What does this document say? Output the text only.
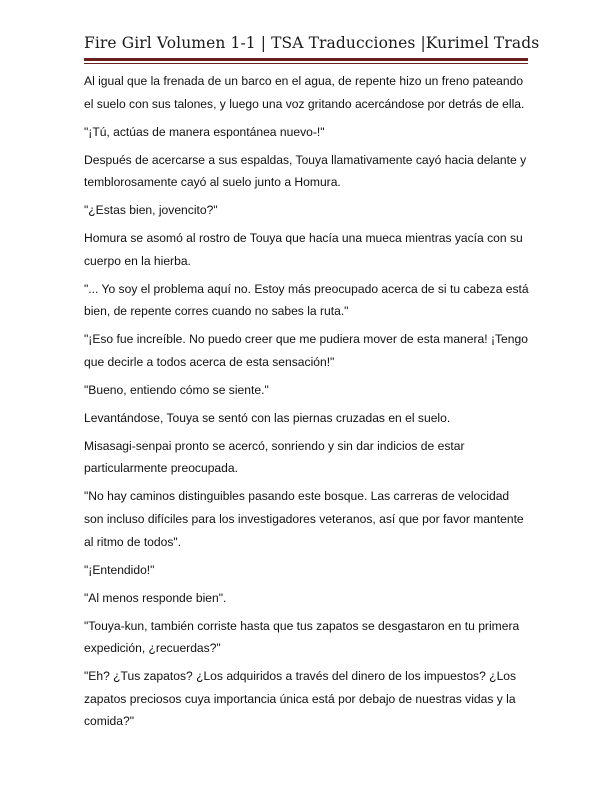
Fire Girl Volumen 1-1 | TSA Traducciones |Kurimel Trads

Al igual que la frenada de un barco en el agua, de repente hizo un freno pateando el suelo con sus talones, y luego una voz gritando acercándose por detrás de ella.

"¡Tú, actúas de manera espontánea nuevo-!"

Después de acercarse a sus espaldas, Touya llamativamente cayó hacia delante y temblorosamente cayó al suelo junto a Homura.

"¿Estas bien, jovencito?"

Homura se asomó al rostro de Touya que hacía una mueca mientras yacía con su cuerpo en la hierba.

"... Yo soy el problema aquí no. Estoy más preocupado acerca de si tu cabeza está bien, de repente corres cuando no sabes la ruta."

"¡Eso fue increíble. No puedo creer que me pudiera mover de esta manera! ¡Tengo que decirle a todos acerca de esta sensación!"

"Bueno, entiendo cómo se siente."

Levantándose, Touya se sentó con las piernas cruzadas en el suelo.

Misasagi-senpai pronto se acercó, sonriendo y sin dar indicios de estar particularmente preocupada.

"No hay caminos distinguibles pasando este bosque. Las carreras de velocidad son incluso difíciles para los investigadores veteranos, así que por favor mantente al ritmo de todos".

"¡Entendido!"

"Al menos responde bien".

"Touya-kun, también corriste hasta que tus zapatos se desgastaron en tu primera expedición, ¿recuerdas?"

"Eh? ¿Tus zapatos? ¿Los adquiridos a través del dinero de los impuestos? ¿Los zapatos preciosos cuya importancia única está por debajo de nuestras vidas y la comida?"
